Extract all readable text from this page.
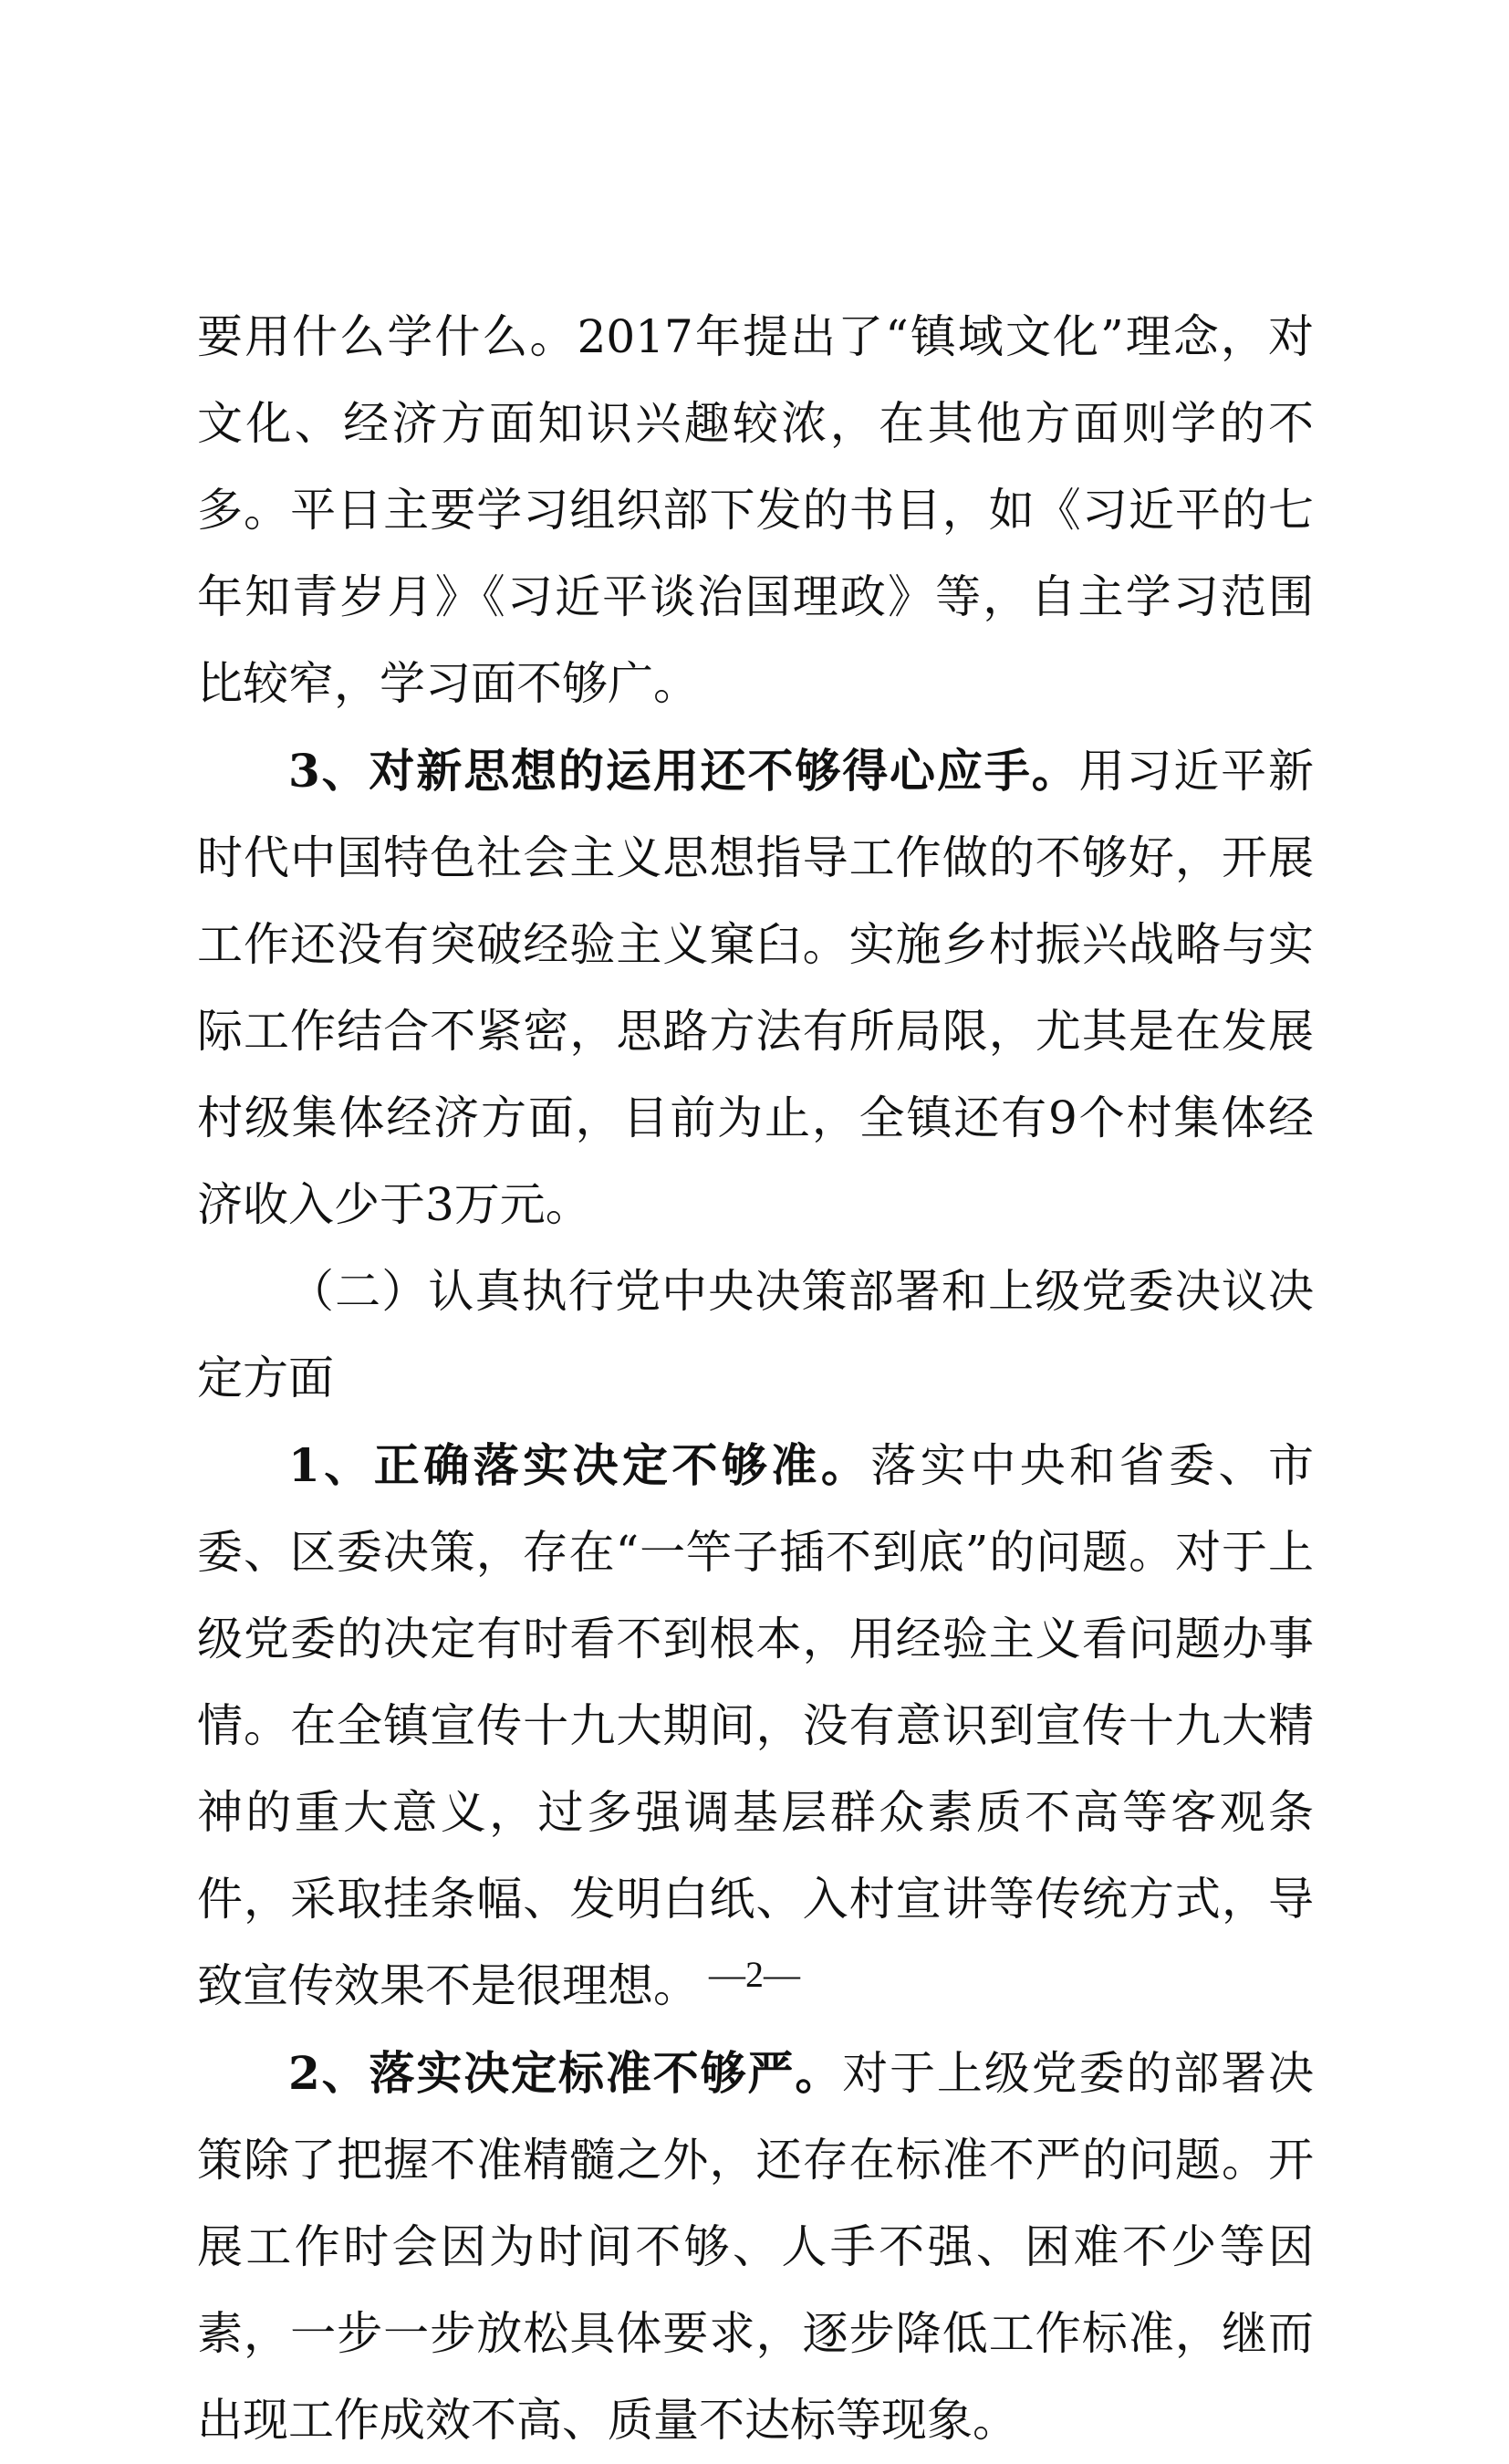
要用什么学什么。2017年提出了“镇域文化”理念，对文化、经济方面知识兴趣较浓，在其他方面则学的不多。平日主要学习组织部下发的书目，如《习近平的七年知青岁月》《习近平谈治国理政》等，自主学习范围比较窄，学习面不够广。

3、对新思想的运用还不够得心应手。用习近平新时代中国特色社会主义思想指导工作做的不够好，开展工作还没有突破经验主义窠臼。实施乡村振兴战略与实际工作结合不紧密，思路方法有所局限，尤其是在发展村级集体经济方面，目前为止，全镇还有9个村集体经济收入少于3万元。

（二）认真执行党中央决策部署和上级党委决议决定方面

1、正确落实决定不够准。落实中央和省委、市委、区委决策，存在“一竿子插不到底”的问题。对于上级党委的决定有时看不到根本，用经验主义看问题办事情。在全镇宣传十九大期间，没有意识到宣传十九大精神的重大意义，过多强调基层群众素质不高等客观条件，采取挂条幅、发明白纸、入村宣讲等传统方式，导致宣传效果不是很理想。

2、落实决定标准不够严。对于上级党委的部署决策除了把握不准精髓之外，还存在标准不严的问题。开展工作时会因为时间不够、人手不强、困难不少等因素，一步一步放松具体要求，逐步降低工作标准，继而出现工作成效不高、质量不达标等现象。

—2—
